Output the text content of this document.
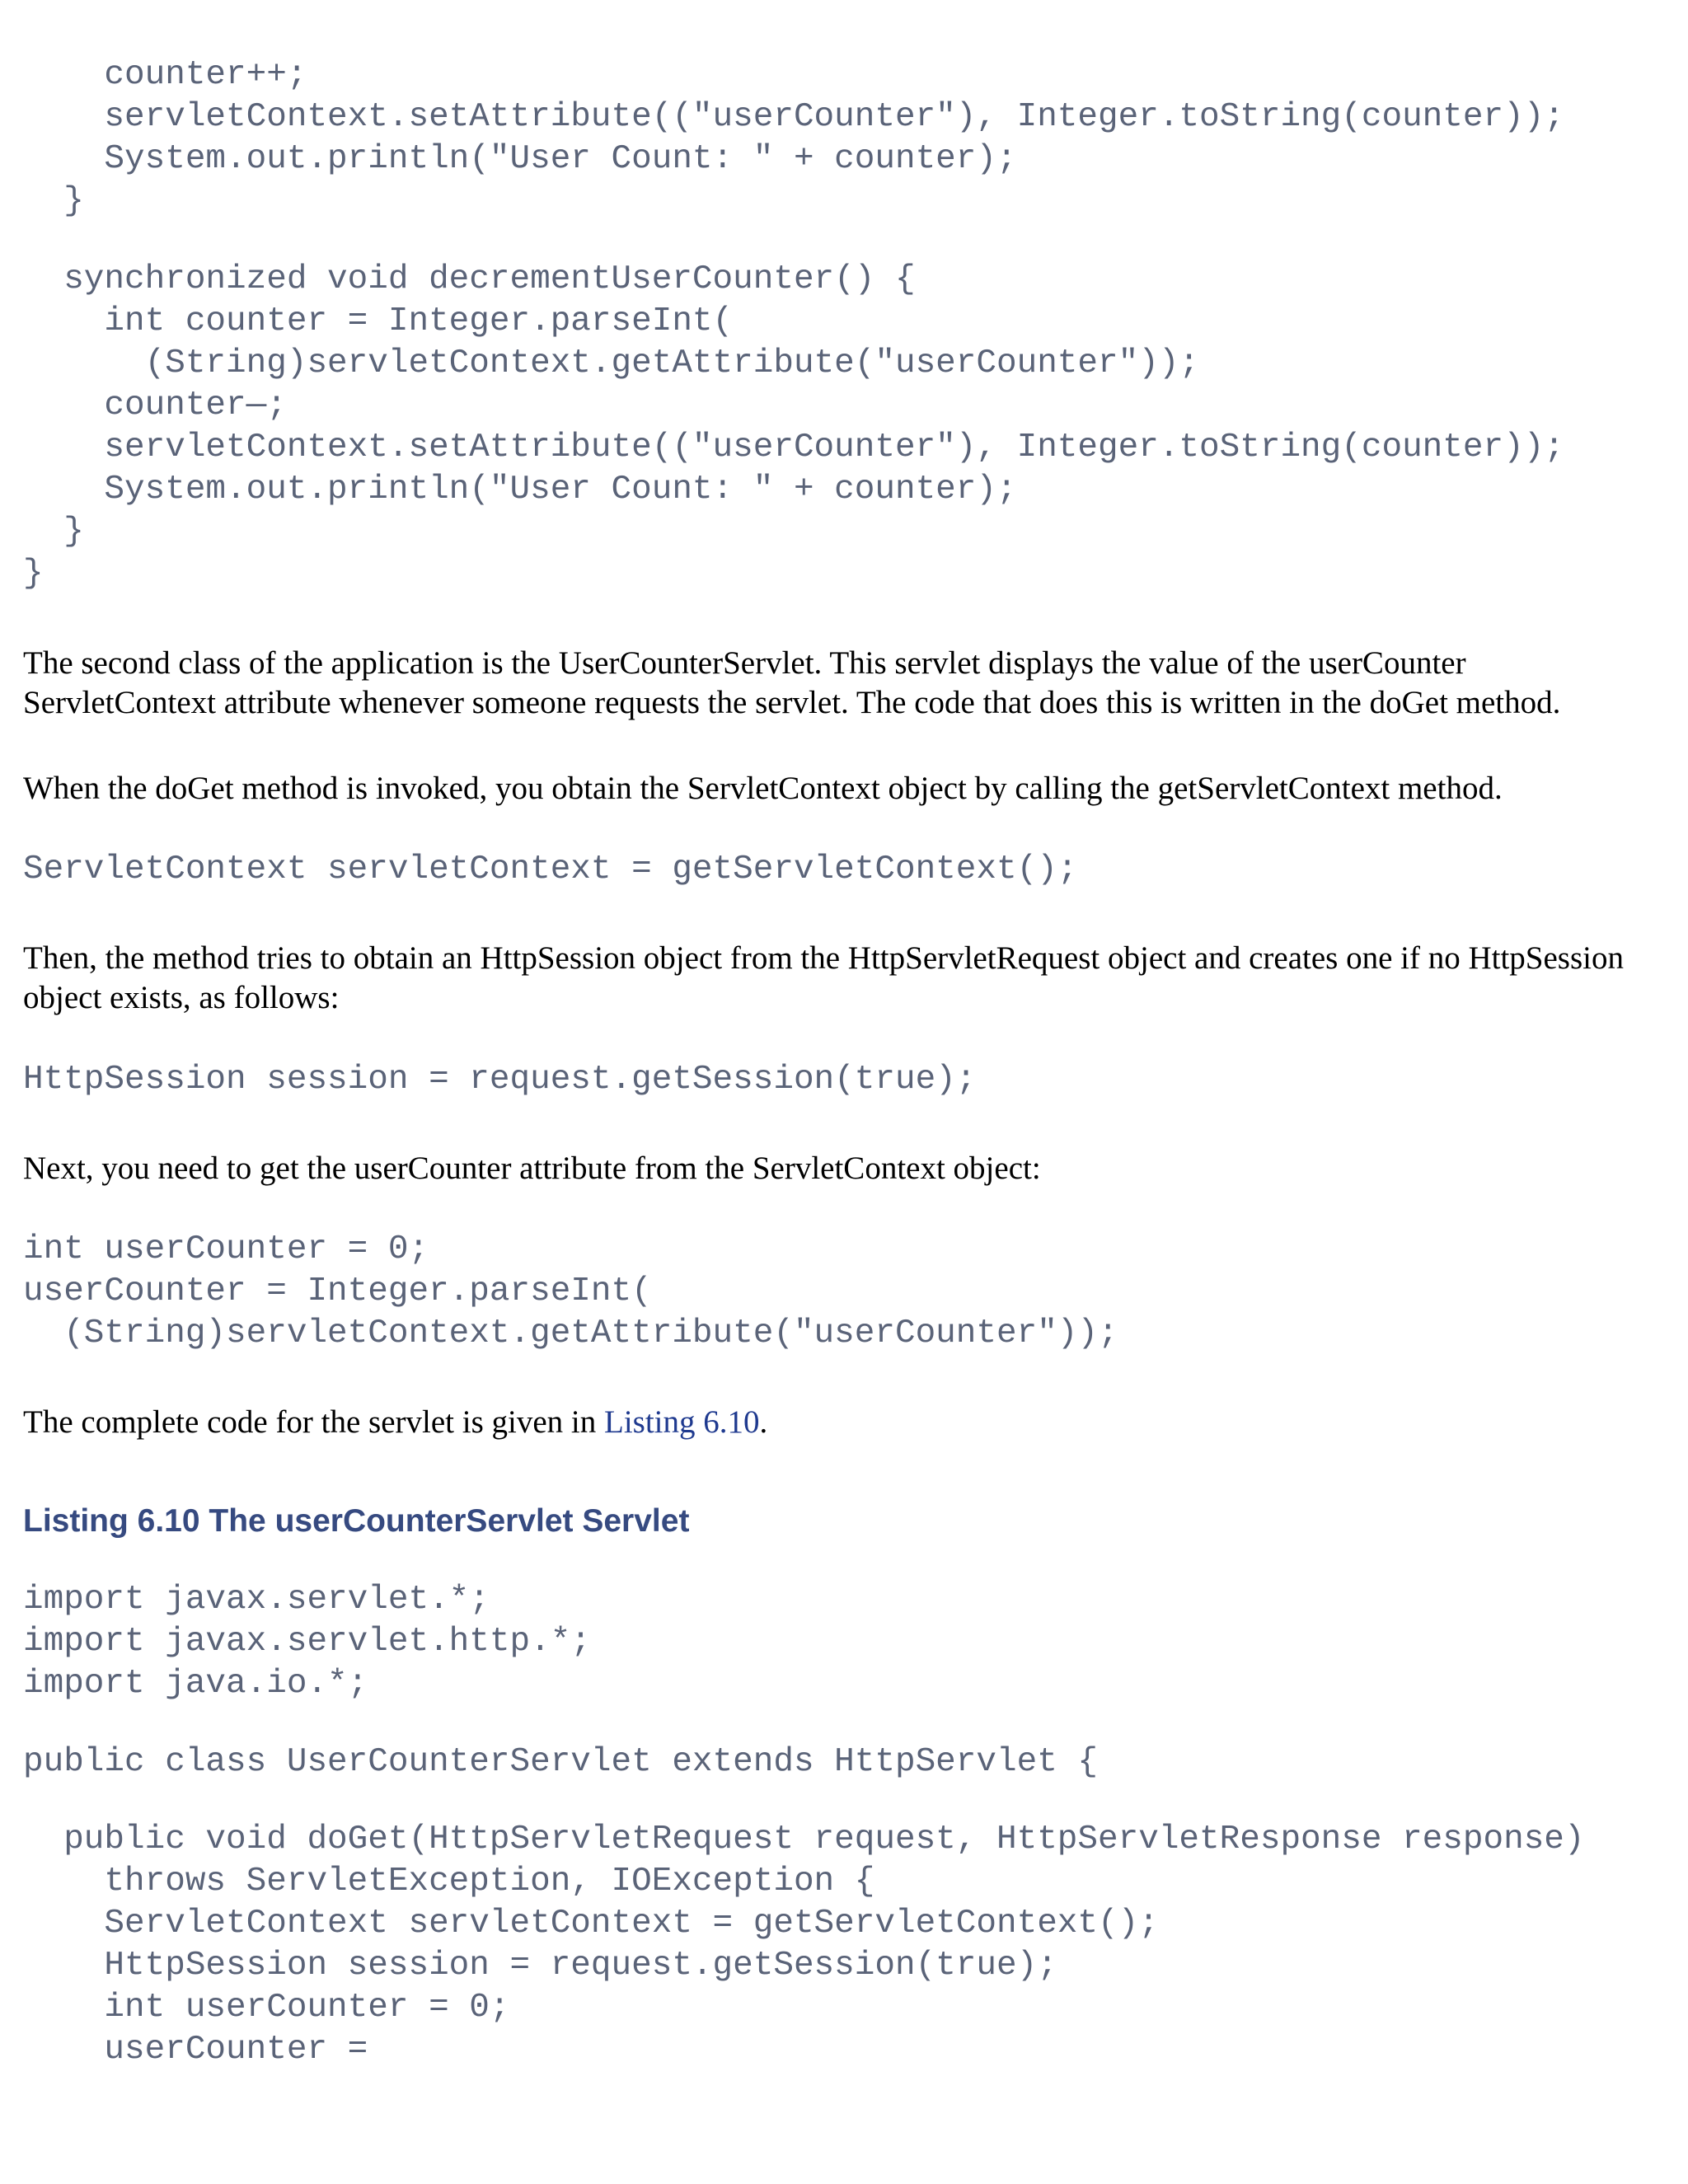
counter++;
servletContext.setAttribute(("userCounter"), Integer.toString(counter));
System.out.println("User Count: " + counter);
}
synchronized void decrementUserCounter() {
int counter = Integer.parseInt(
(String)servletContext.getAttribute("userCounter"));
counter—;
servletContext.setAttribute(("userCounter"), Integer.toString(counter));
System.out.println("User Count: " + counter);
}
}

The second class of the application is the UserCounterServlet. This servlet displays the value of the userCounter ServletContext attribute whenever someone requests the servlet. The code that does this is written in the doGet method.

When the doGet method is invoked, you obtain the ServletContext object by calling the getServletContext method.

ServletContext servletContext = getServletContext();

Then, the method tries to obtain an HttpSession object from the HttpServletRequest object and creates one if no HttpSession object exists, as follows:

HttpSession session = request.getSession(true);

Next, you need to get the userCounter attribute from the ServletContext object:

int userCounter = 0;
userCounter = Integer.parseInt(
(String)servletContext.getAttribute("userCounter"));

The complete code for the servlet is given in Listing 6.10.

Listing 6.10 The userCounterServlet Servlet
import javax.servlet.*;
import javax.servlet.http.*;
import java.io.*;
public class UserCounterServlet extends HttpServlet {
public void doGet(HttpServletRequest request, HttpServletResponse response)
throws ServletException, IOException {
ServletContext servletContext = getServletContext();
HttpSession session = request.getSession(true);
int userCounter = 0;
userCounter =
